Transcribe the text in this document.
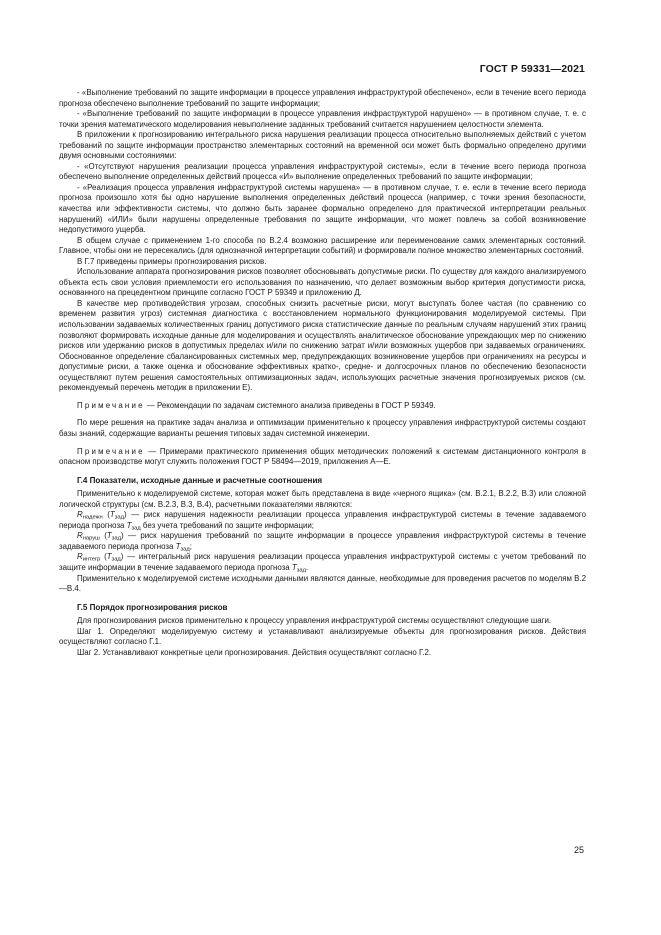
ГОСТ Р 59331—2021

- «Выполнение требований по защите информации в процессе управления инфраструктурой обеспечено», если в течение всего периода прогноза обеспечено выполнение требований по защите информации;

- «Выполнение требований по защите информации в процессе управления инфраструктурой нарушено» — в противном случае, т. е. с точки зрения математического моделирования невыполнение заданных требований считается нарушением целостности элемента.

В приложении к прогнозированию интегрального риска нарушения реализации процесса относительно выполняемых действий с учетом требований по защите информации пространство элементарных состояний на временной оси может быть формально определено другими двумя основными состояниями:

- «Отсутствуют нарушения реализации процесса управления инфраструктурой системы», если в течение всего периода прогноза обеспечено выполнение определенных действий процесса «И» выполнение определенных требований по защите информации;

- «Реализация процесса управления инфраструктурой системы нарушена» — в противном случае, т. е. если в течение всего периода прогноза произошло хотя бы одно нарушение выполнения определенных действий процесса (например, с точки зрения безопасности, качества или эффективности системы, что должно быть заранее формально определено для практической интерпретации реальных нарушений) «ИЛИ» были нарушены определенные требования по защите информации, что может повлечь за собой возникновение недопустимого ущерба.

В общем случае с применением 1-го способа по В.2.4 возможно расширение или переименование самих элементарных состояний. Главное, чтобы они не пересекались (для однозначной интерпретации событий) и формировали полное множество элементарных состояний.

В Г.7 приведены примеры прогнозирования рисков.

Использование аппарата прогнозирования рисков позволяет обосновывать допустимые риски. По существу для каждого анализируемого объекта есть свои условия приемлемости его использования по назначению, что делает возможным выбор критерия допустимости риска, основанного на прецедентном принципе согласно ГОСТ Р 59349 и приложению Д.

В качестве мер противодействия угрозам, способных снизить расчетные риски, могут выступать более частая (по сравнению со временем развития угроз) системная диагностика с восстановлением нормального функционирования моделируемой системы. При использовании задаваемых количественных границ допустимого риска статистические данные по реальным случаям нарушений этих границ позволяют формировать исходные данные для моделирования и осуществлять аналитическое обоснование упреждающих мер по снижению рисков или удержанию рисков в допустимых пределах и/или по снижению затрат и/или возможных ущербов при задаваемых ограничениях. Обоснованное определение сбалансированных системных мер, предупреждающих возникновение ущербов при ограничениях на ресурсы и допустимые риски, а также оценка и обоснование эффективных кратко-, средне- и долгосрочных планов по обеспечению безопасности осуществляют путем решения самостоятельных оптимизационных задач, использующих расчетные значения прогнозируемых рисков (см. рекомендуемый перечень методик в приложении Е).

Примечание — Рекомендации по задачам системного анализа приведены в ГОСТ Р 59349.

По мере решения на практике задач анализа и оптимизации применительно к процессу управления инфраструктурой системы создают базы знаний, содержащие варианты решения типовых задач системной инженерии.

Примечание — Примерами практического применения общих методических положений к системам дистанционного контроля в опасном производстве могут служить положения ГОСТ Р 58494—2019, приложения А—Е.

Г.4 Показатели, исходные данные и расчетные соотношения

Применительно к моделируемой системе, которая может быть представлена в виде «черного ящика» (см. В.2.1, В.2.2, В.3) или сложной логической структуры (см. В.2.3, В.3, В.4), расчетными показателями являются:

$R_{надежн}$ $(T_{зад})$ — риск нарушения надежности реализации процесса управления инфраструктурой системы в течение задаваемого периода прогноза $T_{зад}$ без учета требований по защите информации;

$R_{наруш}$ $(T_{зад})$ — риск нарушения требований по защите информации в процессе управления инфраструктурой системы в течение задаваемого периода прогноза $T_{зад}$;

$R_{интегр}$ $(T_{зад})$ — интегральный риск нарушения реализации процесса управления инфраструктурой системы с учетом требований по защите информации в течение задаваемого периода прогноза $T_{зад}$.

Применительно к моделируемой системе исходными данными являются данные, необходимые для проведения расчетов по моделям В.2—В.4.

Г.5 Порядок прогнозирования рисков

Для прогнозирования рисков применительно к процессу управления инфраструктурой системы осуществляют следующие шаги.

Шаг 1. Определяют моделируемую систему и устанавливают анализируемые объекты для прогнозирования рисков. Действия осуществляют согласно Г.1.

Шаг 2. Устанавливают конкретные цели прогнозирования. Действия осуществляют согласно Г.2.

25
